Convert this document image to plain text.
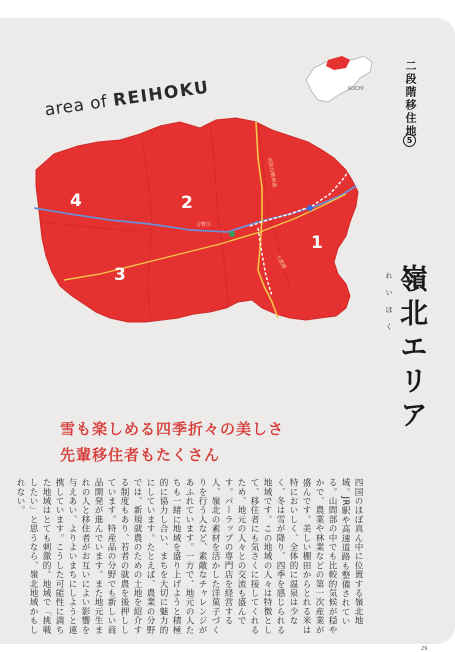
4	2
3
1
高知自動車道
吉野川
大豊線
area of REIHOKU	KOCHI	二段階移住地
5
れいほく 嶺北エリア
雪も楽しめる四季折々の美しさ
先輩移住者もたくさん
四国のほぼ真ん中に位置する嶺北地域。JR駅や高速道路も整備されている。山間部の中でも比較的気候が穏やかで、農業や林業などの第一次産業が盛んです。美しい棚田からとれる米は特においしく、全体的に温泉は少なく、冬は雪が降り、四季を感じられる地域です。この地域の人々は特徴として、移住者にも気さくに接してくれるため、地元の人々との交流も盛んです。パーラップの専門店を経営する人、嶺北の素材を活かした洋菓子づくりを行う人など、素敵なチャレンジがあふれています。一方で、地元の人たちも一緒に地域を盛り上げようと積極的に協力し合い、まちを大切に魅力的にしています。たとえば、農業の分野では、新規就農のための土地を紹介する制度もあり、若者の就農を後押ししています。特産品の分野でも新しい商品開発が進んでいます。また地元生まれの人と移住者がお互いによい影響を与えあい、よりよいまちにしようと連携しています。こうした可能性に満ちた地域はとても刺激的。地域で「挑戦したい」と思うなら、嶺北地域かもしれない。
29
